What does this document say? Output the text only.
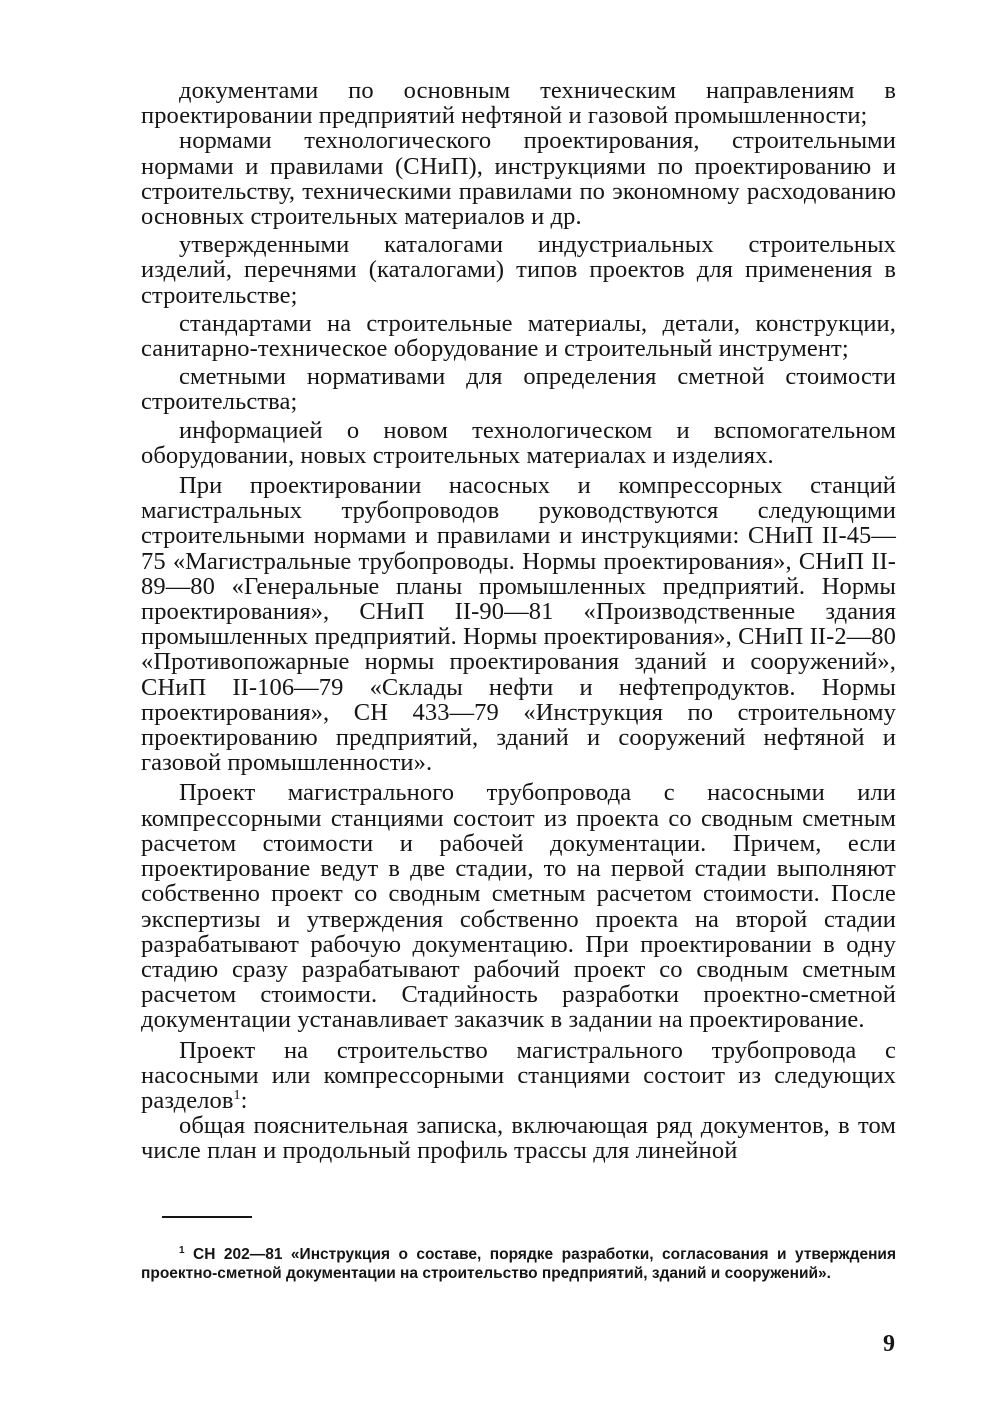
документами по основным техническим направлениям в проектировании предприятий нефтяной и газовой промышленности;

нормами технологического проектирования, строительными нормами и правилами (СНиП), инструкциями по проектированию и строительству, техническими правилами по экономному расходованию основных строительных материалов и др.

утвержденными каталогами индустриальных строительных изделий, перечнями (каталогами) типов проектов для применения в строительстве;

стандартами на строительные материалы, детали, конструкции, санитарно-техническое оборудование и строительный инструмент;

сметными нормативами для определения сметной стоимости строительства;

информацией о новом технологическом и вспомогательном оборудовании, новых строительных материалах и изделиях.

При проектировании насосных и компрессорных станций магистральных трубопроводов руководствуются следующими строительными нормами и правилами и инструкциями: СНиП II-45—75 «Магистральные трубопроводы. Нормы проектирования», СНиП II-89—80 «Генеральные планы промышленных предприятий. Нормы проектирования», СНиП II-90—81 «Производственные здания промышленных предприятий. Нормы проектирования», СНиП II-2—80 «Противопожарные нормы проектирования зданий и сооружений», СНиП II-106—79 «Склады нефти и нефтепродуктов. Нормы проектирования», СН 433—79 «Инструкция по строительному проектированию предприятий, зданий и сооружений нефтяной и газовой промышленности».

Проект магистрального трубопровода с насосными или компрессорными станциями состоит из проекта со сводным сметным расчетом стоимости и рабочей документации. Причем, если проектирование ведут в две стадии, то на первой стадии выполняют собственно проект со сводным сметным расчетом стоимости. После экспертизы и утверждения собственно проекта на второй стадии разрабатывают рабочую документацию. При проектировании в одну стадию сразу разрабатывают рабочий проект со сводным сметным расчетом стоимости. Стадийность разработки проектно-сметной документации устанавливает заказчик в задании на проектирование.

Проект на строительство магистрального трубопровода с насосными или компрессорными станциями состоит из следующих разделов$^1$:

общая пояснительная записка, включающая ряд документов, в том числе план и продольный профиль трассы для линейной

$^1$ СН 202—81 «Инструкция о составе, порядке разработки, согласования и утверждения проектно-сметной документации на строительство предприятий, зданий и сооружений».

9
